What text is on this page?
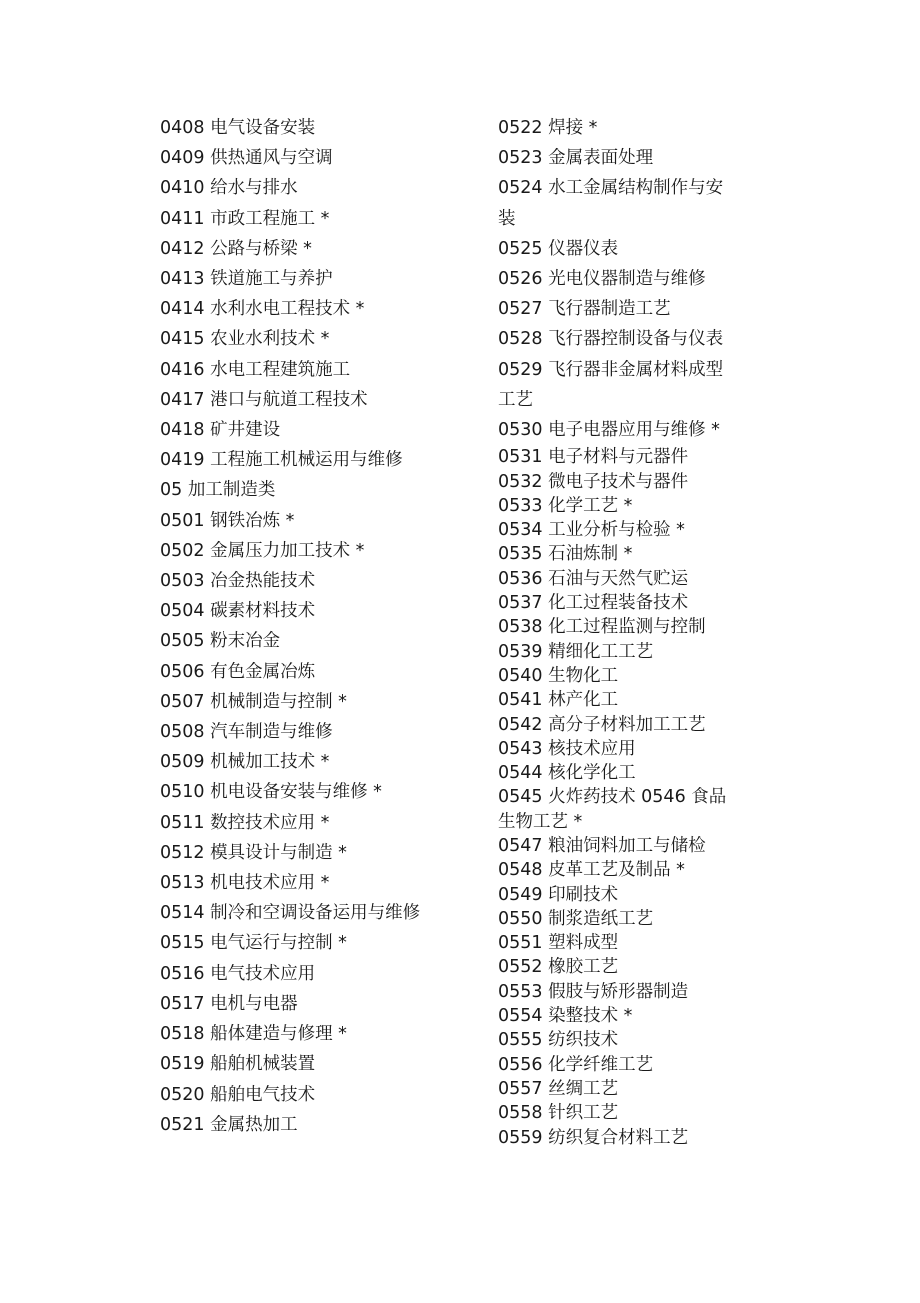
0408 电气设备安装
0409 供热通风与空调
0410 给水与排水
0411 市政工程施工 *
0412 公路与桥梁 *
0413 铁道施工与养护
0414 水利水电工程技术 *
0415 农业水利技术 *
0416 水电工程建筑施工
0417 港口与航道工程技术
0418 矿井建设
0419 工程施工机械运用与维修
05 加工制造类
0501 钢铁冶炼 *
0502 金属压力加工技术 *
0503 冶金热能技术
0504 碳素材料技术
0505 粉末冶金
0506 有色金属冶炼
0507 机械制造与控制 *
0508 汽车制造与维修
0509 机械加工技术 *
0510 机电设备安装与维修 *
0511 数控技术应用 *
0512 模具设计与制造 *
0513 机电技术应用 *
0514 制冷和空调设备运用与维修
0515 电气运行与控制 *
0516 电气技术应用
0517 电机与电器
0518 船体建造与修理 *
0519 船舶机械装置
0520 船舶电气技术
0521 金属热加工
0522 焊接 *
0523 金属表面处理
0524 水工金属结构制作与安装
0525 仪器仪表
0526 光电仪器制造与维修
0527 飞行器制造工艺
0528 飞行器控制设备与仪表
0529 飞行器非金属材料成型工艺
0530 电子电器应用与维修 *
0531 电子材料与元器件
0532 微电子技术与器件
0533 化学工艺 *
0534 工业分析与检验 *
0535 石油炼制 *
0536 石油与天然气贮运
0537 化工过程装备技术
0538 化工过程监测与控制
0539 精细化工工艺
0540 生物化工
0541 林产化工
0542 高分子材料加工工艺
0543 核技术应用
0544 核化学化工
0545 火炸药技术 0546 食品生物工艺 *
0547 粮油饲料加工与储检
0548 皮革工艺及制品 *
0549 印刷技术
0550 制浆造纸工艺
0551 塑料成型
0552 橡胶工艺
0553 假肢与矫形器制造
0554 染整技术 *
0555 纺织技术
0556 化学纤维工艺
0557 丝绸工艺
0558 针织工艺
0559 纺织复合材料工艺
